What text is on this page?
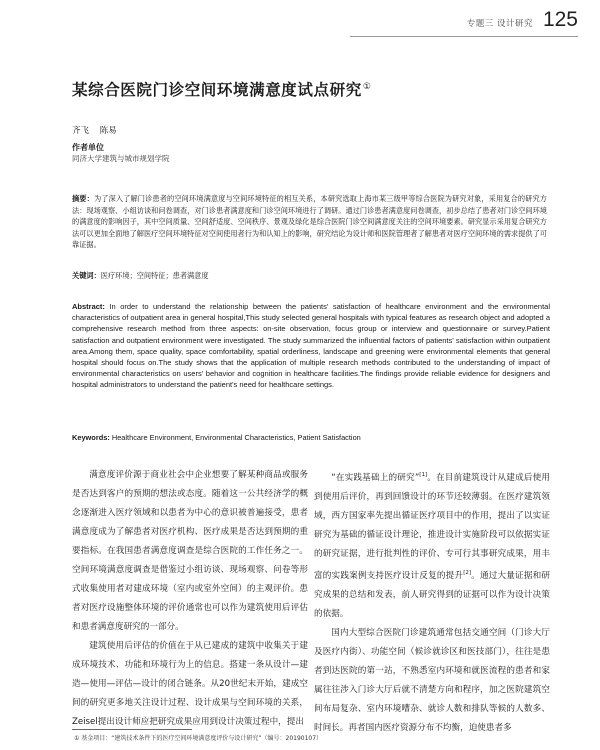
专题三 设计研究 125
某综合医院门诊空间环境满意度试点研究①
齐飞 陈易
作者单位
同济大学建筑与城市规划学院
摘要：为了深入了解门诊患者的空间环境满意度与空间环境特征的相互关系，本研究选取上海市某三级甲等综合医院为研究对象，采用复合的研究方法：现场观察、小组访谈和问卷调查，对门诊患者满意度和门诊空间环境进行了调研。通过门诊患者满意度问卷调查，初步总结了患者对门诊空间环境的满意度的影响因子，其中空间质量、空间舒适度、空间秩序、景观及绿化是综合医院门诊空间满意度关注的空间环境要素。研究显示采用复合研究方法可以更加全面地了解医疗空间环境特征对空间使用者行为和认知上的影响，研究结论为设计师和医院管理者了解患者对医疗空间环境的需求提供了可靠证据。
关键词：医疗环境；空间特征；患者满意度
Abstract: In order to understand the relationship between the patients' satisfaction of healthcare environment and the environmental characteristics of outpatient area in general hospital,This study selected general hospitals with typical features as research object and adopted a comprehensive research method from three aspects: on-site observation, focus group or interview and questionnaire or survey.Patient satisfaction and outpatient environment were investigated. The study summarized the influential factors of patients' satisfaction within outpatient area.Among them, space quality, space comfortability, spatial orderliness, landscape and greening were environmental elements that general hospital should focus on.The study shows that the application of multiple research methods contributed to the understanding of impact of environmental characteristics on users' behavior and cognition in healthcare facilities.The findings provide reliable evidence for designers and hospital administrators to understand the patient's need for healthcare settings.
Keywords: Healthcare Environment, Environmental Characteristics, Patient Satisfaction

满意度评价源于商业社会中企业想要了解某种商品或服务是否达到客户的预期的想法或态度。随着这一公共经济学的概念逐渐进入医疗领域和以患者为中心的意识被普遍接受，患者满意度成为了解患者对医疗机构、医疗成果是否达到预期的重要指标。在我国患者满意度调查是综合医院的工作任务之一。空间环境满意度调查是借鉴过小组访谈、现场观察、问卷等形式收集使用者对建成环境（室内或室外空间）的主观评价。患者对医疗设施整体环境的评价通常也可以作为建筑使用后评估和患者满意度研究的一部分。

建筑使用后评估的价值在于从已建成的建筑中收集关于建成环境技术、功能和环境行为上的信息。搭建一条从设计—建造—使用—评估—设计的闭合链条。从20世纪末开始，建成空间的研究更多地关注设计过程、设计成果与空间环境的关系，Zeisel提出设计师应把研究成果应用到设计决策过程中，提出

“在实践基础上的研究”[1]。在目前建筑设计从建成后使用到使用后评价，再到回馈设计的环节还较薄弱。在医疗建筑领域，西方国家率先提出循证医疗项目中的作用，提出了以实证研究为基础的循证设计理论，推进设计实施阶段可以依据实证的研究证据，进行批判性的评价、专可行其事研究成果，用丰富的实践案例支持医疗设计反复的提升[2]。通过大量证据和研究成果的总结和发表，前人研究得到的证据可以作为设计决策的依据。

国内大型综合医院门诊建筑通常包括交通空间（门诊大厅及医疗内街）、功能空间（候诊就诊区和医技部门），往往是患者到达医院的第一站，不熟悉室内环境和就医流程的患者和家属往往涉入门诊大厅后就不清楚方向和程序，加之医院建筑空间布局复杂、室内环境嘈杂、就诊人数和排队等候的人数多、时间长。再者国内医疗资源分布不均衡，迫使患者多

① 基金项目：“建筑技术条件下的医疗空间环境满意度评价与设计研究”（编号：20190107）
